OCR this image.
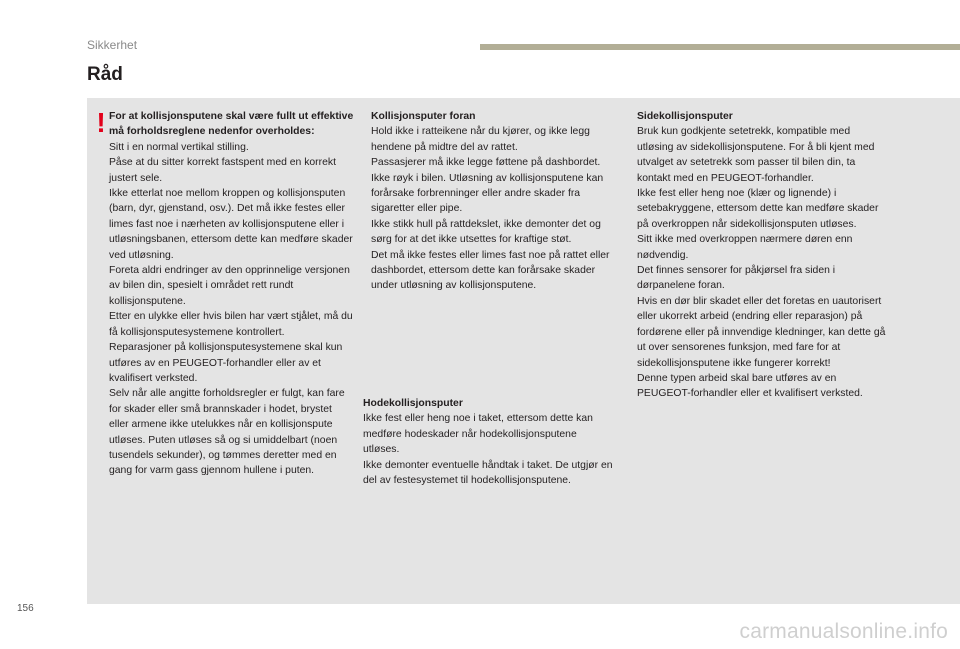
Sikkerhet
Råd
! For at kollisjonsputene skal være fullt ut effektive må forholdsreglene nedenfor overholdes:

Sitt i en normal vertikal stilling.

Påse at du sitter korrekt fastspent med en korrekt justert sele.

Ikke etterlat noe mellom kroppen og kollisjonsputen (barn, dyr, gjenstand, osv.). Det må ikke festes eller limes fast noe i nærheten av kollisjonsputene eller i utløsningsbanen, ettersom dette kan medføre skader ved utløsning.

Foreta aldri endringer av den opprinnelige versjonen av bilen din, spesielt i området rett rundt kollisjonsputene.

Etter en ulykke eller hvis bilen har vært stjålet, må du få kollisjonsputesystemene kontrollert.

Reparasjoner på kollisjonsputesystemene skal kun utføres av en PEUGEOT-forhandler eller av et kvalifisert verksted.

Selv når alle angitte forholdsregler er fulgt, kan fare for skader eller små brannskader i hodet, brystet eller armene ikke utelukkes når en kollisjonspute utløses. Puten utløses så og si umiddelbart (noen tusendels sekunder), og tømmes deretter med en gang for varm gass gjennom hullene i puten.

Kollisjonsputer foran

Hold ikke i ratteikene når du kjører, og ikke legg hendene på midtre del av rattet.

Passasjerer må ikke legge føttene på dashbordet.

Ikke røyk i bilen. Utløsning av kollisjonsputene kan forårsake forbrenninger eller andre skader fra sigaretter eller pipe.

Ikke stikk hull på rattdekslet, ikke demonter det og sørg for at det ikke utsettes for kraftige støt.

Det må ikke festes eller limes fast noe på rattet eller dashbordet, ettersom dette kan forårsake skader under utløsning av kollisjonsputene.

Hodekollisjonsputer

Ikke fest eller heng noe i taket, ettersom dette kan medføre hodeskader når hodekollisjonsputene utløses.

Ikke demonter eventuelle håndtak i taket. De utgjør en del av festesystemet til hodekollisjonsputene.

Sidekollisjonsputer

Bruk kun godkjente setetrekk, kompatible med utløsing av sidekollisjonsputene. For å bli kjent med utvalget av setetrekk som passer til bilen din, ta kontakt med en PEUGEOT-forhandler.

Ikke fest eller heng noe (klær og lignende) i setebakryggene, ettersom dette kan medføre skader på overkroppen når sidekollisjonsputen utløses.

Sitt ikke med overkroppen nærmere døren enn nødvendig.

Det finnes sensorer for påkjørsel fra siden i dørpanelene foran.

Hvis en dør blir skadet eller det foretas en uautorisert eller ukorrekt arbeid (endring eller reparasjon) på fordørene eller på innvendige kledninger, kan dette gå ut over sensorenes funksjon, med fare for at sidekollisjonsputene ikke fungerer korrekt!

Denne typen arbeid skal bare utføres av en PEUGEOT-forhandler eller et kvalifisert verksted.

156
carmanualsonline.info
